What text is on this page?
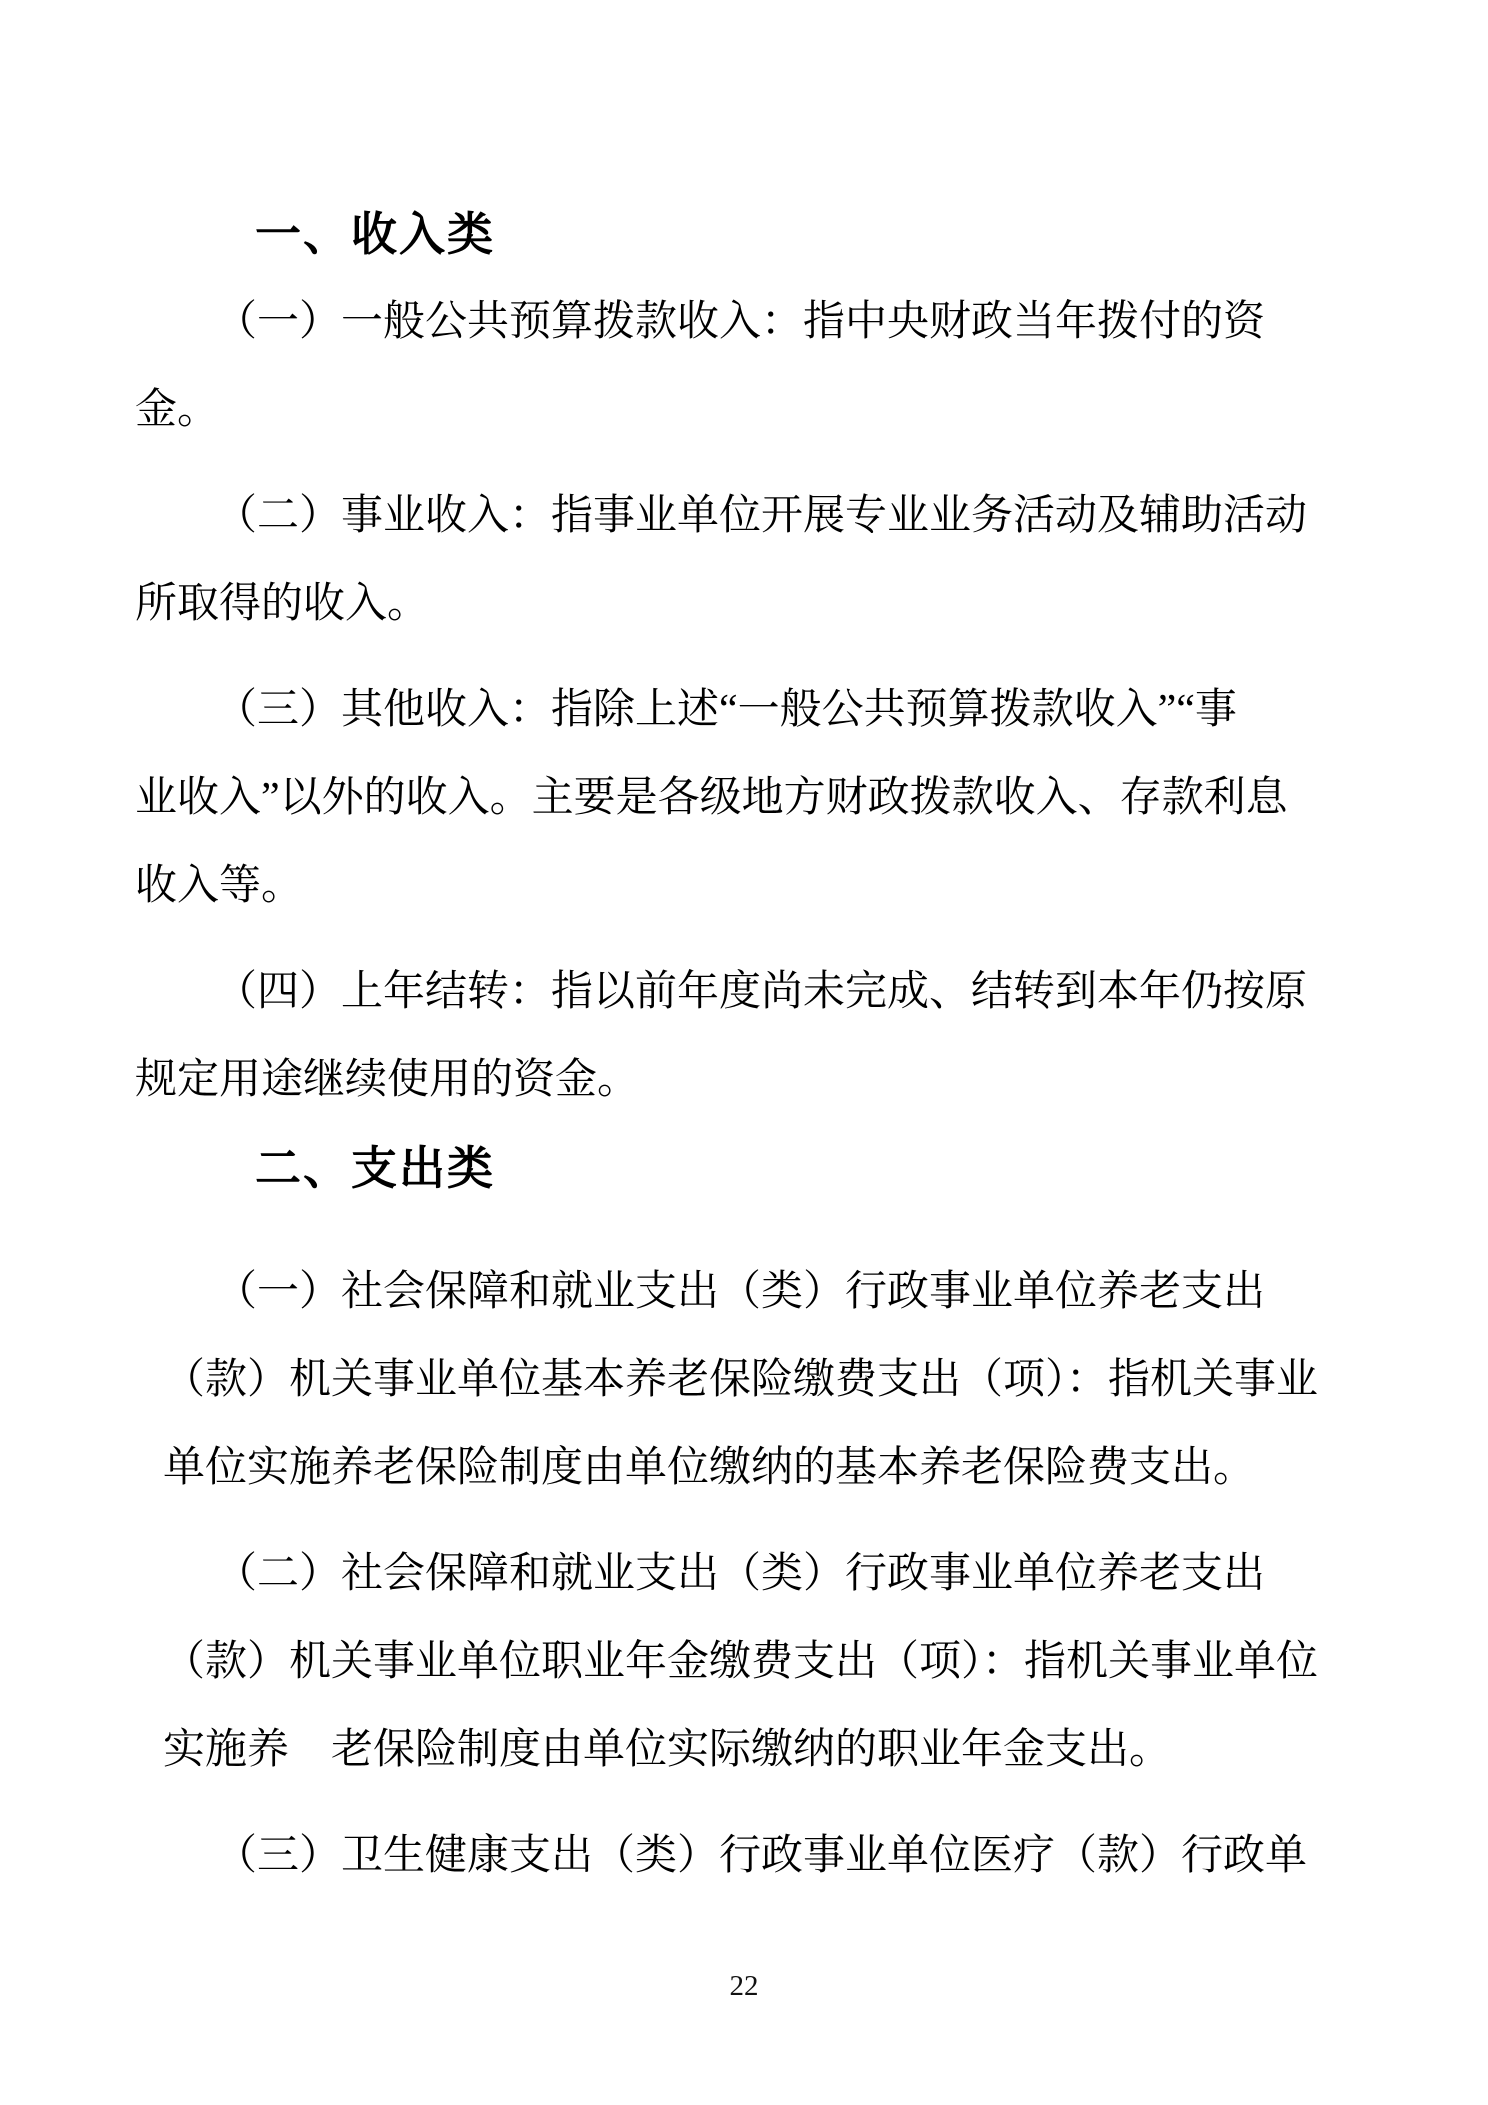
一、收入类
（一）一般公共预算拨款收入：指中央财政当年拨付的资
金。
（二）事业收入：指事业单位开展专业业务活动及辅助活动
所取得的收入。
（三）其他收入：指除上述“一般公共预算拨款收入”“事
业收入”以外的收入。主要是各级地方财政拨款收入、存款利息
收入等。
（四）上年结转：指以前年度尚未完成、结转到本年仍按原
规定用途继续使用的资金。
二、支出类
（一）社会保障和就业支出（类）行政事业单位养老支出
（款）机关事业单位基本养老保险缴费支出（项）：指机关事业
单位实施养老保险制度由单位缴纳的基本养老保险费支出。
（二）社会保障和就业支出（类）行政事业单位养老支出
（款）机关事业单位职业年金缴费支出（项）：指机关事业单位
实施养　老保险制度由单位实际缴纳的职业年金支出。
（三）卫生健康支出（类）行政事业单位医疗（款）行政单
22
